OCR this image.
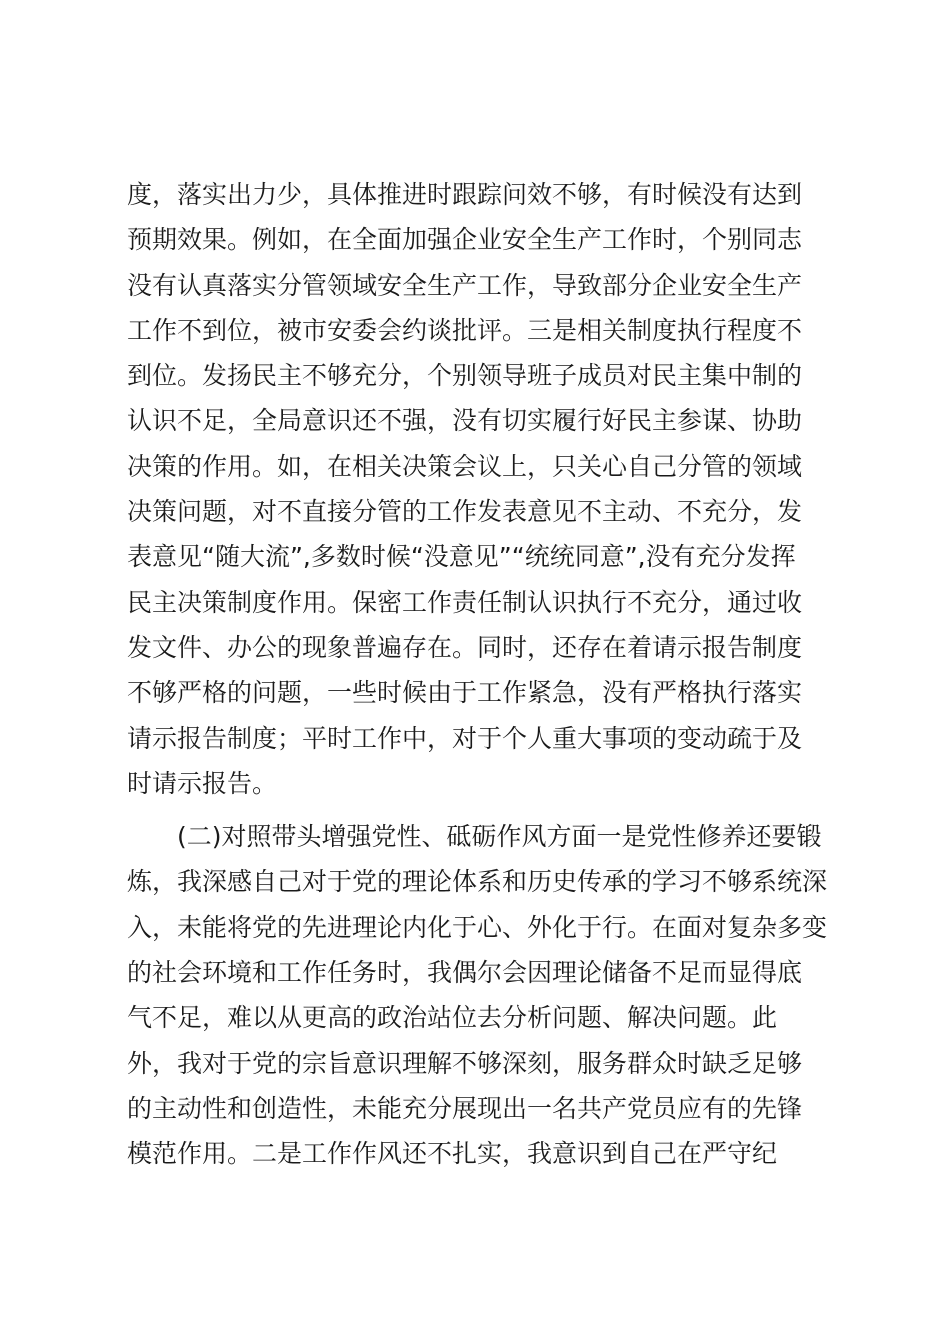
度，落实出力少，具体推进时跟踪问效不够，有时候没有达到
预期效果。例如，在全面加强企业安全生产工作时，个别同志
没有认真落实分管领域安全生产工作，导致部分企业安全生产
工作不到位，被市安委会约谈批评。三是相关制度执行程度不
到位。发扬民主不够充分，个别领导班子成员对民主集中制的
认识不足，全局意识还不强，没有切实履行好民主参谋、协助
决策的作用。如，在相关决策会议上，只关心自己分管的领域
决策问题，对不直接分管的工作发表意见不主动、不充分，发
表意见“随大流”,多数时候“没意见”“统统同意”,没有充分发挥
民主决策制度作用。保密工作责任制认识执行不充分，通过收
发文件、办公的现象普遍存在。同时，还存在着请示报告制度
不够严格的问题，一些时候由于工作紧急，没有严格执行落实
请示报告制度；平时工作中，对于个人重大事项的变动疏于及
时请示报告。
(二)对照带头增强党性、砥砺作风方面一是党性修养还要锻
炼，我深感自己对于党的理论体系和历史传承的学习不够系统深
入，未能将党的先进理论内化于心、外化于行。在面对复杂多变
的社会环境和工作任务时，我偶尔会因理论储备不足而显得底
气不足，难以从更高的政治站位去分析问题、解决问题。此
外，我对于党的宗旨意识理解不够深刻，服务群众时缺乏足够
的主动性和创造性，未能充分展现出一名共产党员应有的先锋
模范作用。二是工作作风还不扎实，我意识到自己在严守纪
